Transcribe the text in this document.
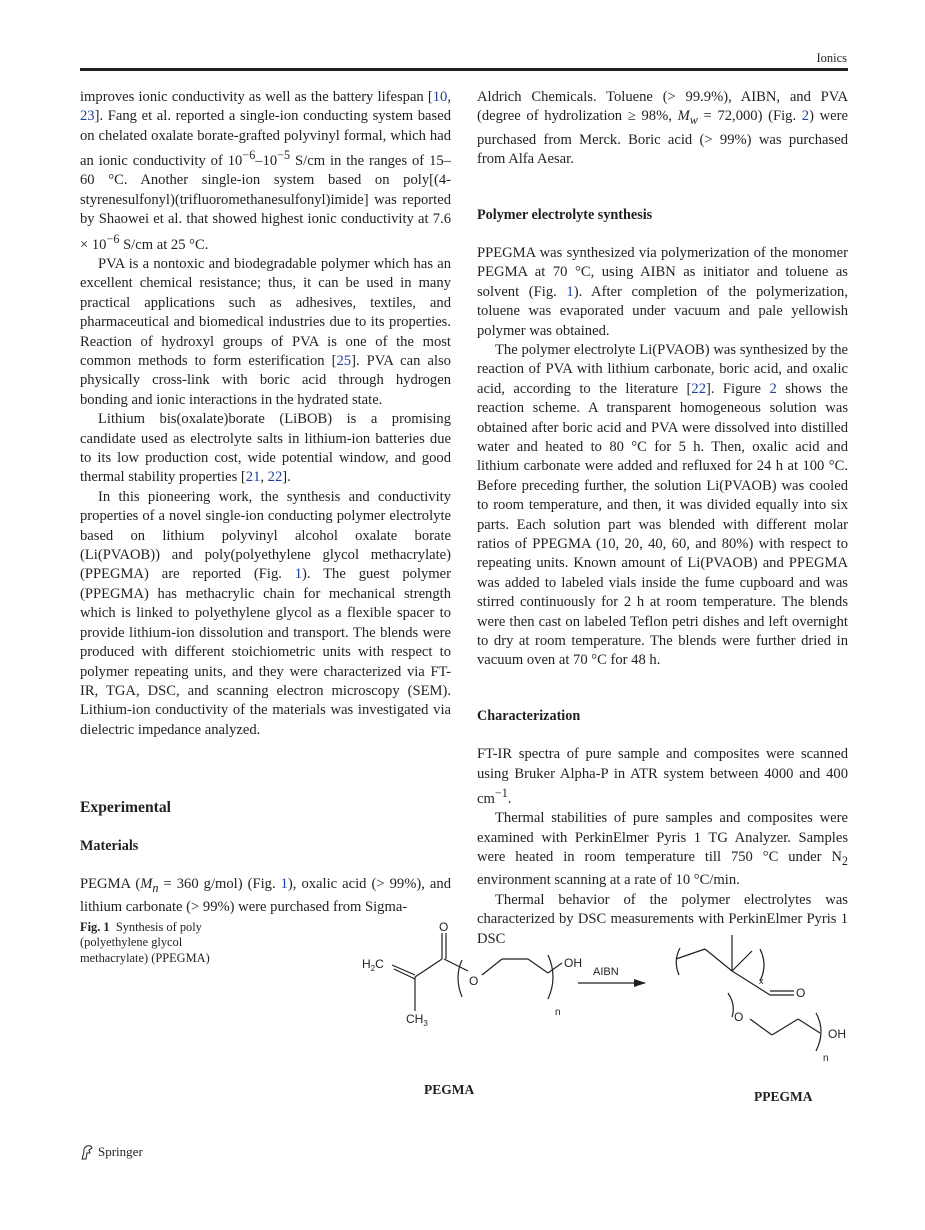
Ionics

improves ionic conductivity as well as the battery lifespan [10, 23]. Fang et al. reported a single-ion conducting system based on chelated oxalate borate-grafted polyvinyl formal, which had an ionic conductivity of $10^{-6}-10^{-5}$ S/cm in the ranges of 15–60 °C. Another single-ion system based on poly[(4-styrenesulfonyl)(trifluoromethanesulfonyl)imide] was reported by Shaowei et al. that showed highest ionic conductivity at $7.6 \times 10^{-6}$ S/cm at 25 °C.

PVA is a nontoxic and biodegradable polymer which has an excellent chemical resistance; thus, it can be used in many practical applications such as adhesives, textiles, and pharmaceutical and biomedical industries due to its properties. Reaction of hydroxyl groups of PVA is one of the most common methods to form esterification [25]. PVA can also physically cross-link with boric acid through hydrogen bonding and ionic interactions in the hydrated state.

Lithium bis(oxalate)borate (LiBOB) is a promising candidate used as electrolyte salts in lithium-ion batteries due to its low production cost, wide potential window, and good thermal stability properties [21, 22].

In this pioneering work, the synthesis and conductivity properties of a novel single-ion conducting polymer electrolyte based on lithium polyvinyl alcohol oxalate borate (Li(PVAOB)) and poly(polyethylene glycol methacrylate) (PPEGMA) are reported (Fig. 1). The guest polymer (PPEGMA) has methacrylic chain for mechanical strength which is linked to polyethylene glycol as a flexible spacer to provide lithium-ion dissolution and transport. The blends were produced with different stoichiometric units with respect to polymer repeating units, and they were characterized via FT-IR, TGA, DSC, and scanning electron microscopy (SEM). Lithium-ion conductivity of the materials was investigated via dielectric impedance analyzed.

Experimental
Materials

PEGMA ($M_n = 360$ g/mol) (Fig. 1), oxalic acid (> 99%), and lithium carbonate (> 99%) were purchased from Sigma-

Aldrich Chemicals. Toluene (> 99.9%), AIBN, and PVA (degree of hydrolization ≥ 98%, $M_w = 72,000$) (Fig. 2) were purchased from Merck. Boric acid (> 99%) was purchased from Alfa Aesar.

Polymer electrolyte synthesis

PPEGMA was synthesized via polymerization of the monomer PEGMA at 70 °C, using AIBN as initiator and toluene as solvent (Fig. 1). After completion of the polymerization, toluene was evaporated under vacuum and pale yellowish polymer was obtained.

The polymer electrolyte Li(PVAOB) was synthesized by the reaction of PVA with lithium carbonate, boric acid, and oxalic acid, according to the literature [22]. Figure 2 shows the reaction scheme. A transparent homogeneous solution was obtained after boric acid and PVA were dissolved into distilled water and heated to 80 °C for 5 h. Then, oxalic acid and lithium carbonate were added and refluxed for 24 h at 100 °C. Before preceding further, the solution Li(PVAOB) was cooled to room temperature, and then, it was divided equally into six parts. Each solution part was blended with different molar ratios of PPEGMA (10, 20, 40, 60, and 80%) with respect to repeating units. Known amount of Li(PVAOB) and PPEGMA was added to labeled vials inside the fume cupboard and was stirred continuously for 2 h at room temperature. The blends were then cast on labeled Teflon petri dishes and left overnight to dry at room temperature. The blends were further dried in vacuum oven at 70 °C for 48 h.

Characterization

FT-IR spectra of pure sample and composites were scanned using Bruker Alpha-P in ATR system between 4000 and 400 $cm^{-1}$.

Thermal stabilities of pure samples and composites were examined with PerkinElmer Pyris 1 TG Analyzer. Samples were heated in room temperature till 750 °C under $N_2$ environment scanning at a rate of 10 °C/min.

Thermal behavior of the polymer electrolytes was characterized by DSC measurements with PerkinElmer Pyris 1 DSC

Fig. 1 Synthesis of poly (polyethylene glycol methacrylate) (PPEGMA)	$H_2C$
O
O
OH
$CH_3$
n
AIBN
x
O
O
OH
n
PEGMA	PPEGMA
Springer
